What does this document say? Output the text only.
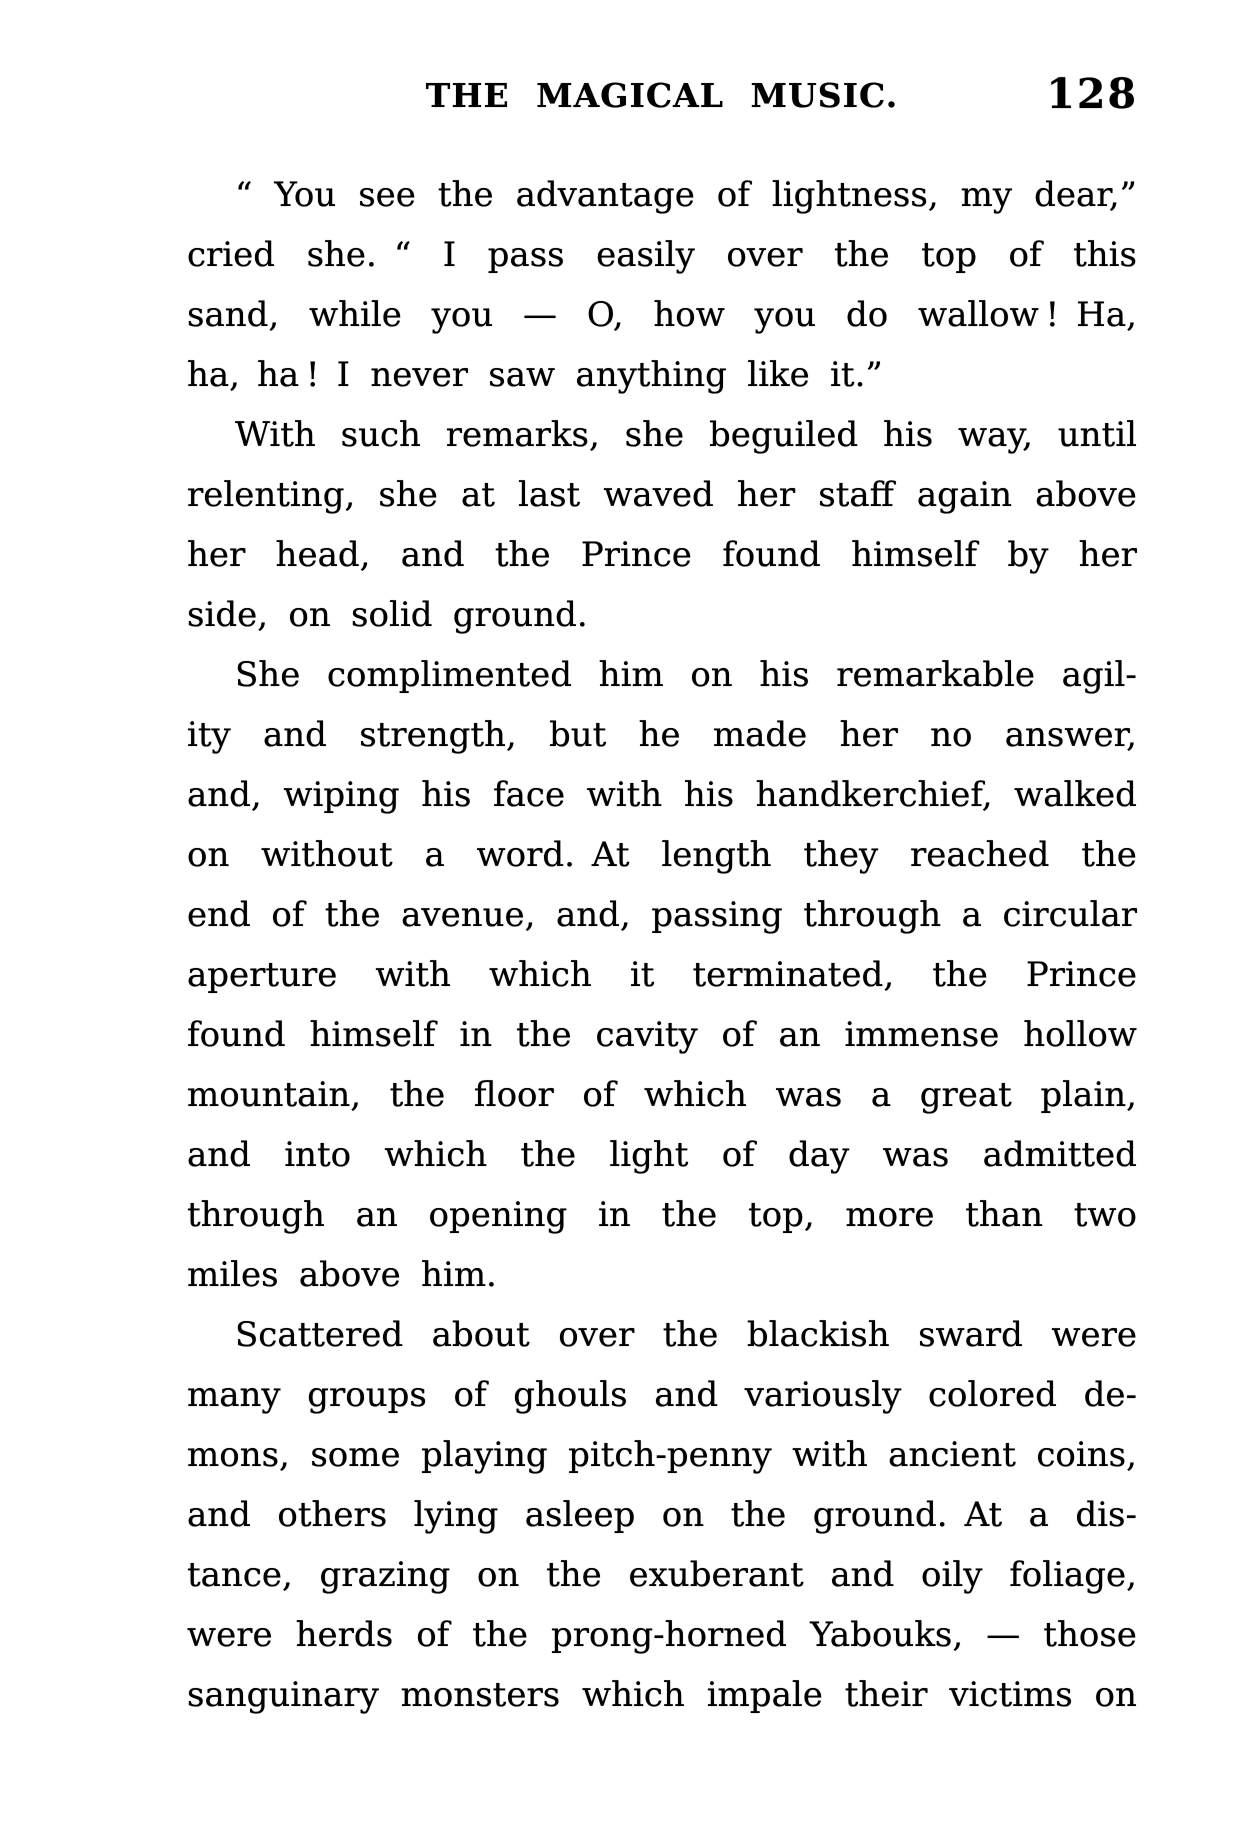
THE MAGICAL MUSIC.	128
“ You see the advantage of lightness, my dear,”
cried she. “ I pass easily over the top of this
sand, while you — O, how you do wallow ! Ha,
ha, ha ! I never saw anything like it.”
With such remarks, she beguiled his way, until
relenting, she at last waved her staff again above
her head, and the Prince found himself by her
side, on solid ground.
She complimented him on his remarkable agil-
ity and strength, but he made her no answer,
and, wiping his face with his handkerchief, walked
on without a word. At length they reached the
end of the avenue, and, passing through a circular
aperture with which it terminated, the Prince
found himself in the cavity of an immense hollow
mountain, the floor of which was a great plain,
and into which the light of day was admitted
through an opening in the top, more than two
miles above him.
Scattered about over the blackish sward were
many groups of ghouls and variously colored de-
mons, some playing pitch-penny with ancient coins,
and others lying asleep on the ground. At a dis-
tance, grazing on the exuberant and oily foliage,
were herds of the prong-horned Yabouks, — those
sanguinary monsters which impale their victims on
